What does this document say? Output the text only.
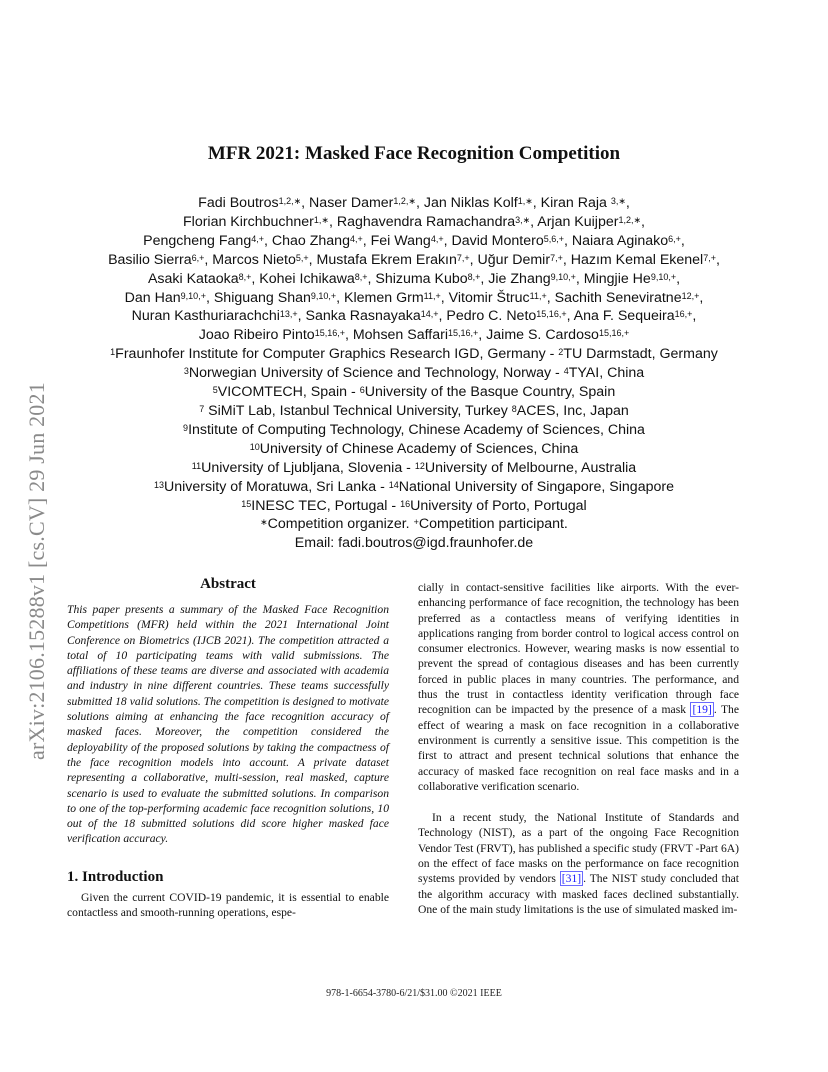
arXiv:2106.15288v1 [cs.CV] 29 Jun 2021
MFR 2021: Masked Face Recognition Competition
Fadi Boutros$^{1,2,∗}$, Naser Damer$^{1,2,∗}$, Jan Niklas Kolf$^{1,∗}$, Kiran Raja $^{3,∗}$,
Florian Kirchbuchner$^{1,∗}$, Raghavendra Ramachandra$^{3,∗}$, Arjan Kuijper$^{1,2,∗}$,
Pengcheng Fang$^{4,+}$, Chao Zhang$^{4,+}$, Fei Wang$^{4,+}$, David Montero$^{5,6,+}$, Naiara Aginako$^{6,+}$,
Basilio Sierra$^{6,+}$, Marcos Nieto$^{5,+}$, Mustafa Ekrem Erakın$^{7,+}$, Uğur Demir$^{7,+}$, Hazım Kemal Ekenel$^{7,+}$,
Asaki Kataoka$^{8,+}$, Kohei Ichikawa$^{8,+}$, Shizuma Kubo$^{8,+}$, Jie Zhang$^{9,10,+}$, Mingjie $He^{9,10,+}$,
Dan Han$^{9,10,+}$, Shiguang Shan$^{9,10,+}$, Klemen Grm$^{11,+}$, Vitomir Štruc$^{11,+}$, Sachith Seneviratne$^{12,+}$,
Nuran Kasthuriarachchi$^{13,+}$, Sanka Rasnayaka$^{14,+}$, Pedro C. Neto$^{15,16,+}$, Ana F. Sequeira$^{16,+}$,
Joao Ribeiro Pinto$^{15,16,+}$, Mohsen Saffari$^{15,16,+}$, Jaime S. Cardoso$^{15,16,+}$
$^1$Fraunhofer Institute for Computer Graphics Research IGD, Germany - $^2$TU Darmstadt, Germany
$^3$Norwegian University of Science and Technology, Norway - $^4$TYAI, China
$^5$VICOMTECH, Spain - $^6$University of the Basque Country, Spain
$^7$ SiMiT Lab, Istanbul Technical University, Turkey $^8$ACES, Inc, Japan
$^9$Institute of Computing Technology, Chinese Academy of Sciences, China
$^{10}$University of Chinese Academy of Sciences, China
$^{11}$University of Ljubljana, Slovenia - $^{12}$University of Melbourne, Australia
$^{13}$University of Moratuwa, Sri Lanka - $^{14}$National University of Singapore, Singapore
$^{15}$INESC TEC, Portugal - $^{16}$University of Porto, Portugal
∗Competition organizer. +Competition participant.
Email: fadi.boutros@igd.fraunhofer.de
Abstract
This paper presents a summary of the Masked Face Recognition Competitions (MFR) held within the 2021 International Joint Conference on Biometrics (IJCB 2021). The competition attracted a total of 10 participating teams with valid submissions. The affiliations of these teams are diverse and associated with academia and industry in nine different countries. These teams successfully submitted 18 valid solutions. The competition is designed to motivate solutions aiming at enhancing the face recognition accuracy of masked faces. Moreover, the competition considered the deployability of the proposed solutions by taking the compactness of the face recognition models into account. A private dataset representing a collaborative, multi-session, real masked, capture scenario is used to evaluate the submitted solutions. In comparison to one of the top-performing academic face recognition solutions, 10 out of the 18 submitted solutions did score higher masked face verification accuracy.
1. Introduction
Given the current COVID-19 pandemic, it is essential to enable contactless and smooth-running operations, espe-
cially in contact-sensitive facilities like airports. With the ever-enhancing performance of face recognition, the technology has been preferred as a contactless means of verifying identities in applications ranging from border control to logical access control on consumer electronics. However, wearing masks is now essential to prevent the spread of contagious diseases and has been currently forced in public places in many countries. The performance, and thus the trust in contactless identity verification through face recognition can be impacted by the presence of a mask [19] . The effect of wearing a mask on face recognition in a collaborative environment is currently a sensitive issue. This competition is the first to attract and present technical solutions that enhance the accuracy of masked face recognition on real face masks and in a collaborative verification scenario.
In a recent study, the National Institute of Standards and Technology (NIST), as a part of the ongoing Face Recognition Vendor Test (FRVT), has published a specific study (FRVT -Part 6A) on the effect of face masks on the performance on face recognition systems provided by vendors [31] . The NIST study concluded that the algorithm accuracy with masked faces declined substantially. One of the main study limitations is the use of simulated masked im-
978-1-6654-3780-6/21/$31.00 ©2021 IEEE
